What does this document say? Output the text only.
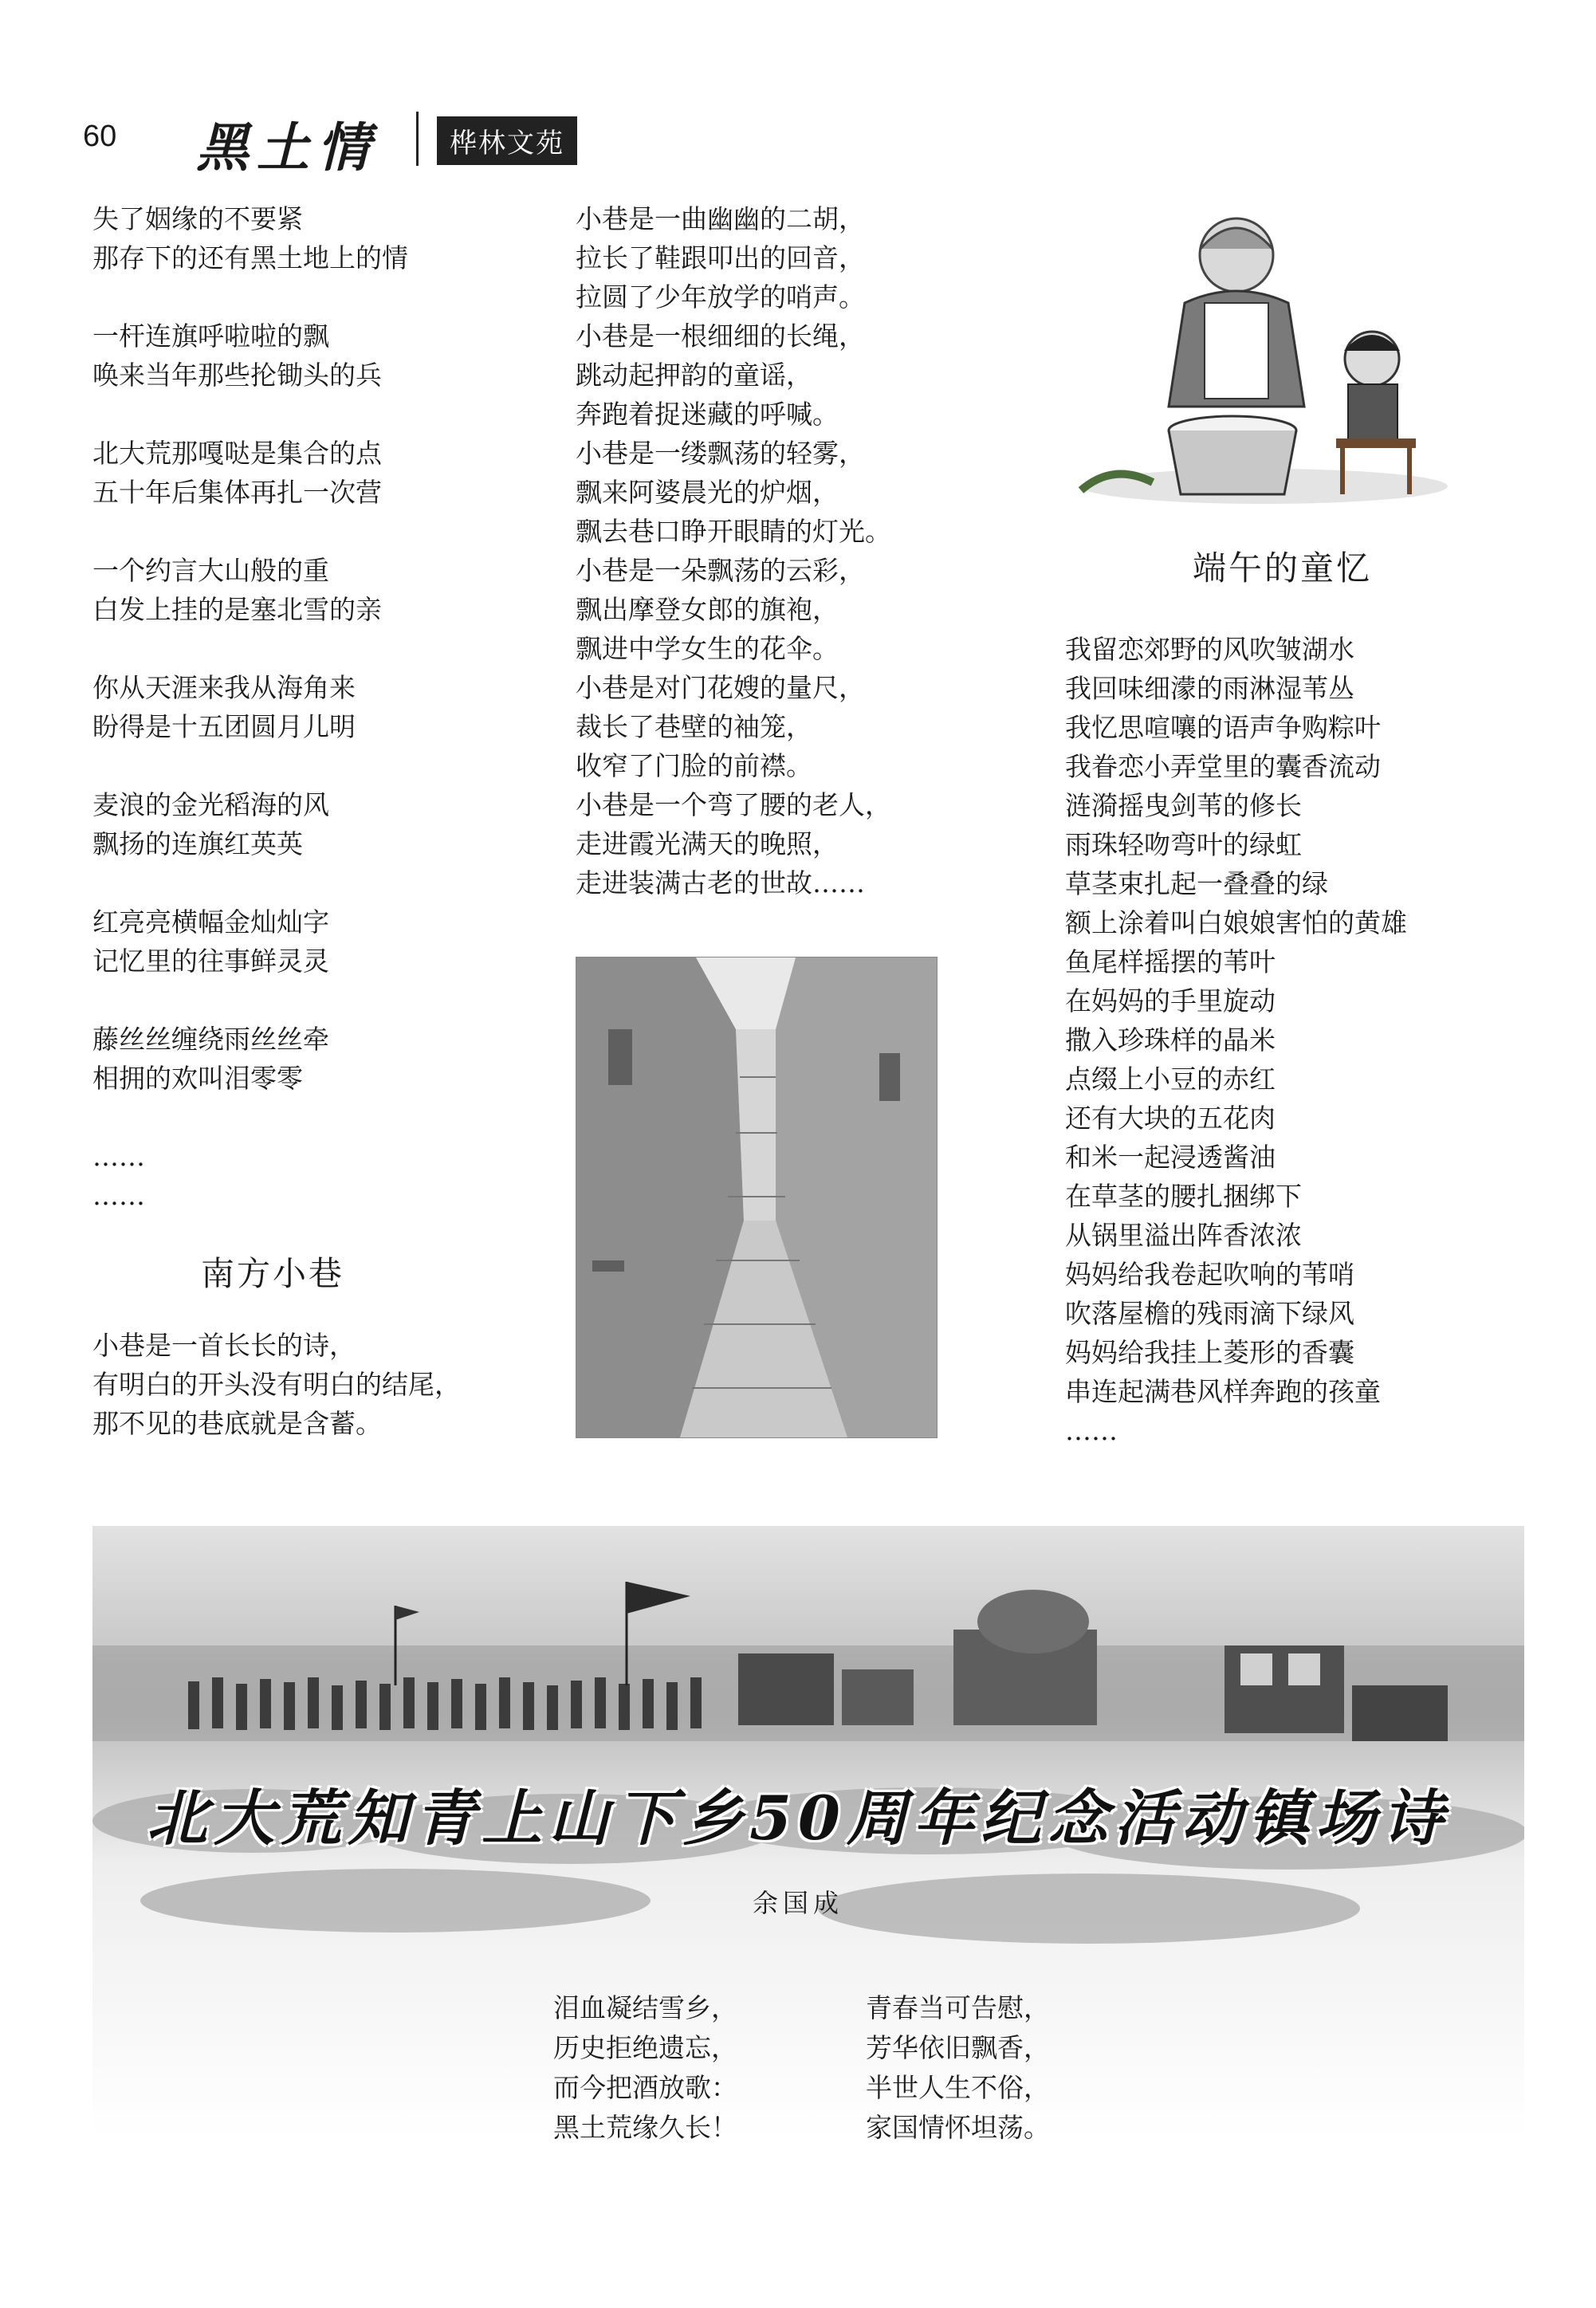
60 黑土情	桦林文苑
失了姻缘的不要紧
那存下的还有黑土地上的情
一杆连旗呼啦啦的飘
唤来当年那些抡锄头的兵
北大荒那嘎哒是集合的点
五十年后集体再扎一次营
一个约言大山般的重
白发上挂的是塞北雪的亲
你从天涯来我从海角来
盼得是十五团圆月儿明
麦浪的金光稻海的风
飘扬的连旗红英英
红亮亮横幅金灿灿字
记忆里的往事鲜灵灵
藤丝丝缠绕雨丝丝牵
相拥的欢叫泪零零
……
……
南方小巷
小巷是一首长长的诗，
有明白的开头没有明白的结尾，
那不见的巷底就是含蓄。
小巷是一曲幽幽的二胡，
拉长了鞋跟叩出的回音，
拉圆了少年放学的哨声。
小巷是一根细细的长绳，
跳动起押韵的童谣，
奔跑着捉迷藏的呼喊。
小巷是一缕飘荡的轻雾，
飘来阿婆晨光的炉烟，
飘去巷口睁开眼睛的灯光。
小巷是一朵飘荡的云彩，
飘出摩登女郎的旗袍，
飘进中学女生的花伞。
小巷是对门花嫂的量尺，
裁长了巷壁的袖笼，
收窄了门脸的前襟。
小巷是一个弯了腰的老人，
走进霞光满天的晚照，
走进装满古老的世故……
端午的童忆
我留恋郊野的风吹皱湖水
我回味细濛的雨淋湿苇丛
我忆思喧嚷的语声争购粽叶
我眷恋小弄堂里的囊香流动
涟漪摇曳剑苇的修长
雨珠轻吻弯叶的绿虹
草茎束扎起一叠叠的绿
额上涂着叫白娘娘害怕的黄雄
鱼尾样摇摆的苇叶
在妈妈的手里旋动
撒入珍珠样的晶米
点缀上小豆的赤红
还有大块的五花肉
和米一起浸透酱油
在草茎的腰扎捆绑下
从锅里溢出阵香浓浓
妈妈给我卷起吹响的苇哨
吹落屋檐的残雨滴下绿风
妈妈给我挂上菱形的香囊
串连起满巷风样奔跑的孩童
……
北大荒知青上山下乡50周年纪念活动镇场诗
余国成
泪血凝结雪乡，
历史拒绝遗忘，
而今把酒放歌：
黑土荒缘久长！
青春当可告慰，
芳华依旧飘香，
半世人生不俗，
家国情怀坦荡。
